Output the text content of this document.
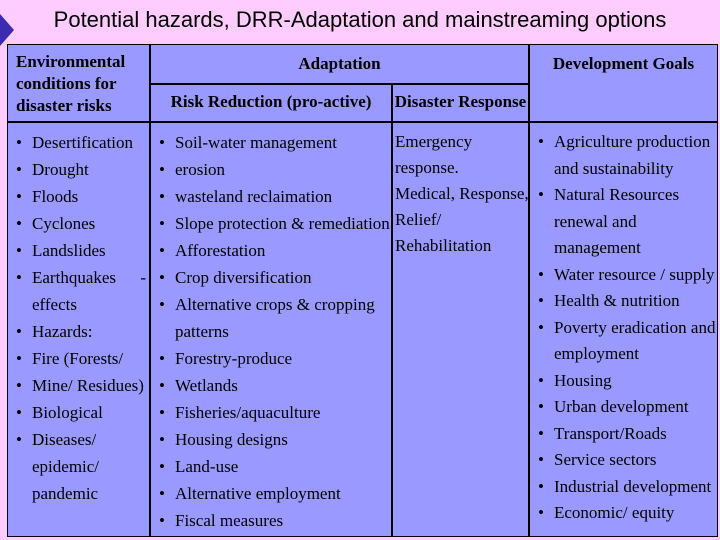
Potential hazards, DRR-Adaptation and mainstreaming options
Environmental
conditions for
disaster risks
Adaptation
Risk Reduction (pro-active)	Disaster Response
Development Goals
• Desertification
• Drought
• Floods
• Cyclones
• Landslides
• Earthquakes -
effects
• Hazards:
• Fire (Forests/
• Mine/ Residues)
• Biological
• Diseases/
epidemic/
pandemic
• Soil-water management
• erosion
• wasteland reclaimation
• Slope protection & remediation
• Afforestation
• Crop diversification
• Alternative crops & cropping
patterns
• Forestry-produce
• Wetlands
• Fisheries/aquaculture
• Housing designs
• Land-use
• Alternative employment
• Fiscal measures
Emergency
response.
Medical, Response,
Relief/
Rehabilitation
• Agriculture production
and sustainability
• Natural Resources
renewal and
management
• Water resource / supply
• Health & nutrition
• Poverty eradication and
employment
• Housing
• Urban development
• Transport/Roads
• Service sectors
• Industrial development
• Economic/ equity
